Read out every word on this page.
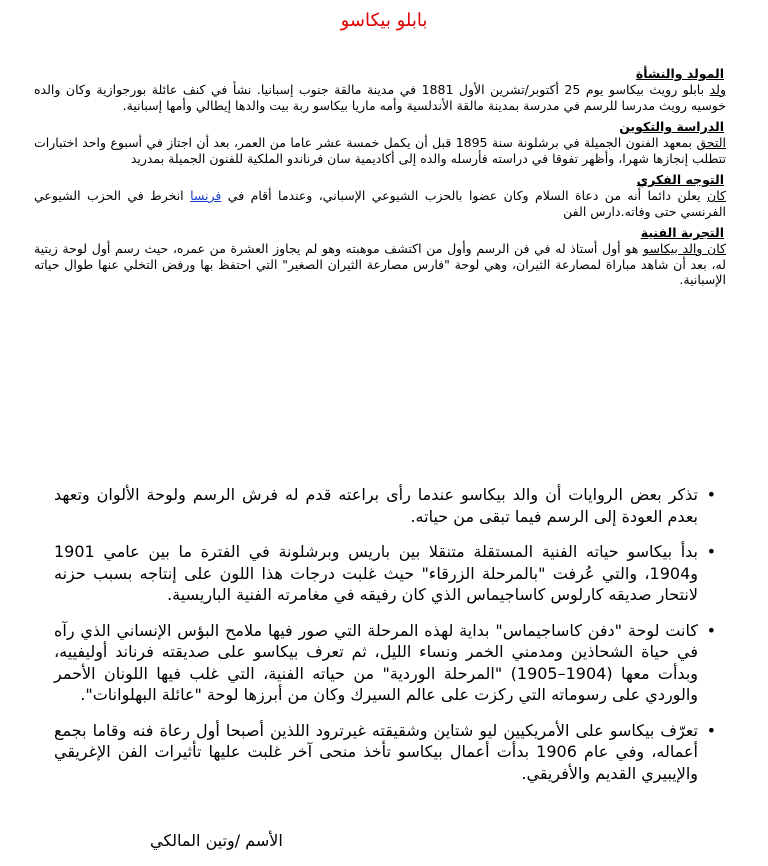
بابلو بيكاسو

المولد والنشأة

ولد بابلو رويث بيكاسو يوم 25 أكتوبر/تشرين الأول 1881 في مدينة مالقة جنوب إسبانيا. نشأ في كنف عائلة بورجوازية وكان والده خوسيه رويث مدرسا للرسم في مدرسة بمدينة مالقة الأندلسية وأمه ماريا بيكاسو ربة بيت والدها إيطالي وأمها إسبانية.

الدراسة والتكوين

التحق بمعهد الفنون الجميلة في برشلونة سنة 1895 قبل أن يكمل خمسة عشر عاما من العمر، بعد أن اجتاز في أسبوع واحد اختبارات تتطلب إنجازها شهرا، وأظهر تفوقا في دراسته فأرسله والده إلى أكاديمية سان فرناندو الملكية للفنون الجميلة بمدريد

التوجه الفكري

كان يعلن دائما أنه من دعاة السلام وكان عضوا بالحزب الشيوعي الإسباني، وعندما أقام في فرنسا انخرط في الحزب الشيوعي الفرنسي حتى وفاته.دارس الفن

التجربة الفنية

كان والد بيكاسو هو أول أستاذ له في فن الرسم وأول من اكتشف موهبته وهو لم يجاوز العشرة من عمره، حيث رسم أول لوحة زيتية له، بعد أن شاهد مباراة لمصارعة الثيران، وهي لوحة "فارس مصارعة الثيران الصغير" التي احتفظ بها ورفض التخلي عنها طوال حياته الإسبانية.

•
تذكر بعض الروايات أن والد بيكاسو عندما رأى براعته قدم له فرش الرسم ولوحة الألوان وتعهد بعدم العودة إلى الرسم فيما تبقى من حياته.
•
بدأ بيكاسو حياته الفنية المستقلة متنقلا بين باريس وبرشلونة في الفترة ما بين عامي 1901 و1904، والتي عُرفت "بالمرحلة الزرقاء" حيث غلبت درجات هذا اللون على إنتاجه بسبب حزنه لانتحار صديقه كارلوس كاساجيماس الذي كان رفيقه في مغامرته الفنية الباريسية.
•
كانت لوحة "دفن كاساجيماس" بداية لهذه المرحلة التي صور فيها ملامح البؤس الإنساني الذي رآه في حياة الشحاذين ومدمني الخمر ونساء الليل، ثم تعرف بيكاسو على صديقته فرناند أوليفييه، وبدأت معها (1904–1905) "المرحلة الوردية" من حياته الفنية، التي غلب فيها اللونان الأحمر والوردي على رسوماته التي ركزت على عالم السيرك وكان من أبرزها لوحة "عائلة البهلوانات".
•
تعرّف بيكاسو على الأمريكيين ليو شتاين وشقيقته غيرترود اللذين أصبحا أول رعاة فنه وقاما بجمع أعماله، وفي عام 1906 بدأت أعمال بيكاسو تأخذ منحى آخر غلبت عليها تأثيرات الفن الإغريقي والإيبيري القديم والأفريقي.
الأسم /وتين المالكي
